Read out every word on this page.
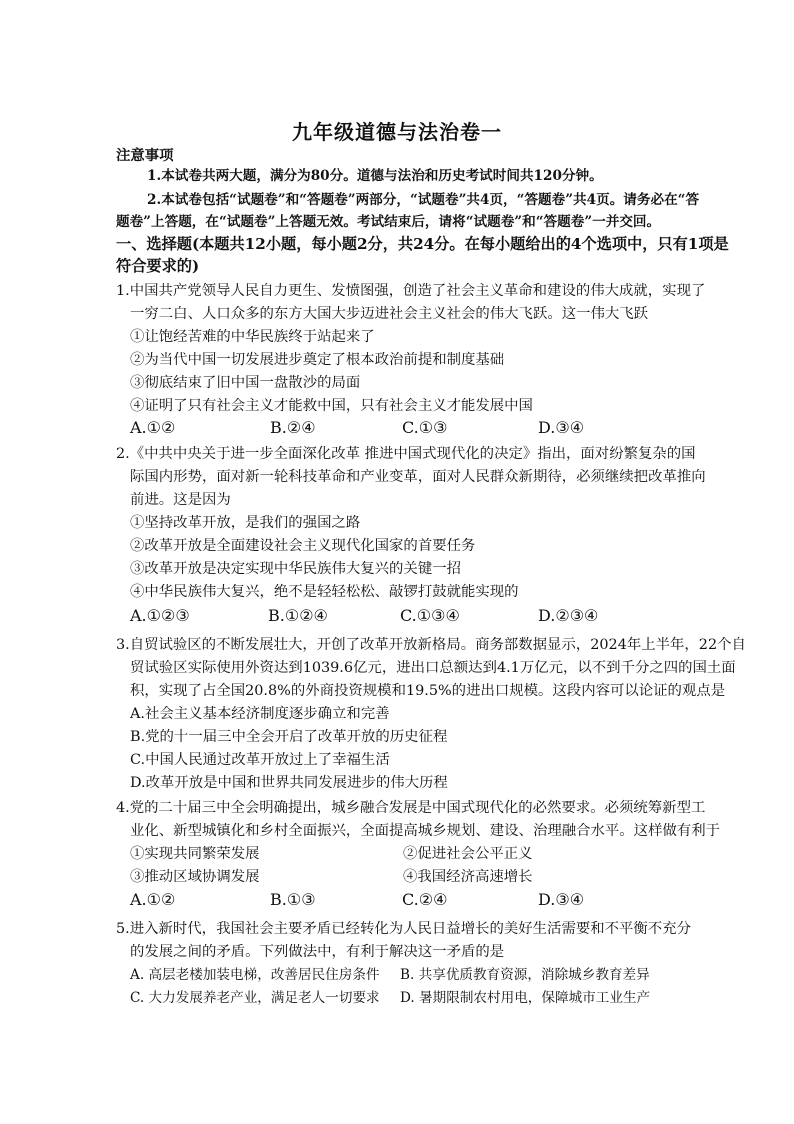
九年级道德与法治卷一
注意事项
1.本试卷共两大题，满分为80分。道德与法治和历史考试时间共120分钟。
2.本试卷包括“试题卷”和“答题卷”两部分，“试题卷”共4页，“答题卷”共4页。请务必在“答
题卷”上答题，在“试题卷”上答题无效。考试结束后，请将“试题卷”和“答题卷”一并交回。
一、选择题(本题共12小题，每小题2分，共24分。在每小题给出的4个选项中，只有1项是
符合要求的)
1.中国共产党领导人民自力更生、发愤图强，创造了社会主义革命和建设的伟大成就，实现了
一穷二白、人口众多的东方大国大步迈进社会主义社会的伟大飞跃。这一伟大飞跃
①让饱经苦难的中华民族终于站起来了
②为当代中国一切发展进步奠定了根本政治前提和制度基础
③彻底结束了旧中国一盘散沙的局面
④证明了只有社会主义才能救中国，只有社会主义才能发展中国
A.①②	B.②④	C.①③	D.③④
2.《中共中央关于进一步全面深化改革 推进中国式现代化的决定》指出，面对纷繁复杂的国
际国内形势，面对新一轮科技革命和产业变革，面对人民群众新期待，必须继续把改革推向
前进。这是因为
①坚持改革开放，是我们的强国之路
②改革开放是全面建设社会主义现代化国家的首要任务
③改革开放是决定实现中华民族伟大复兴的关键一招
④中华民族伟大复兴，绝不是轻轻松松、敲锣打鼓就能实现的
A.①②③	B.①②④	C.①③④	D.②③④
3.自贸试验区的不断发展壮大，开创了改革开放新格局。商务部数据显示，2024年上半年，22个自
贸试验区实际使用外资达到1039.6亿元，进出口总额达到4.1万亿元，以不到千分之四的国土面
积，实现了占全国20.8%的外商投资规模和19.5%的进出口规模。这段内容可以论证的观点是
A.社会主义基本经济制度逐步确立和完善
B.党的十一届三中全会开启了改革开放的历史征程
C.中国人民通过改革开放过上了幸福生活
D.改革开放是中国和世界共同发展进步的伟大历程
4.党的二十届三中全会明确提出，城乡融合发展是中国式现代化的必然要求。必须统筹新型工
业化、新型城镇化和乡村全面振兴，全面提高城乡规划、建设、治理融合水平。这样做有利于
①实现共同繁荣发展	②促进社会公平正义
③推动区域协调发展	④我国经济高速增长
A.①②	B.①③	C.②④	D.③④
5.进入新时代，我国社会主要矛盾已经转化为人民日益增长的美好生活需要和不平衡不充分
的发展之间的矛盾。下列做法中，有利于解决这一矛盾的是
A. 高层老楼加装电梯，改善居民住房条件 B. 共享优质教育资源，消除城乡教育差异
C. 大力发展养老产业，满足老人一切要求 D. 暑期限制农村用电，保障城市工业生产
